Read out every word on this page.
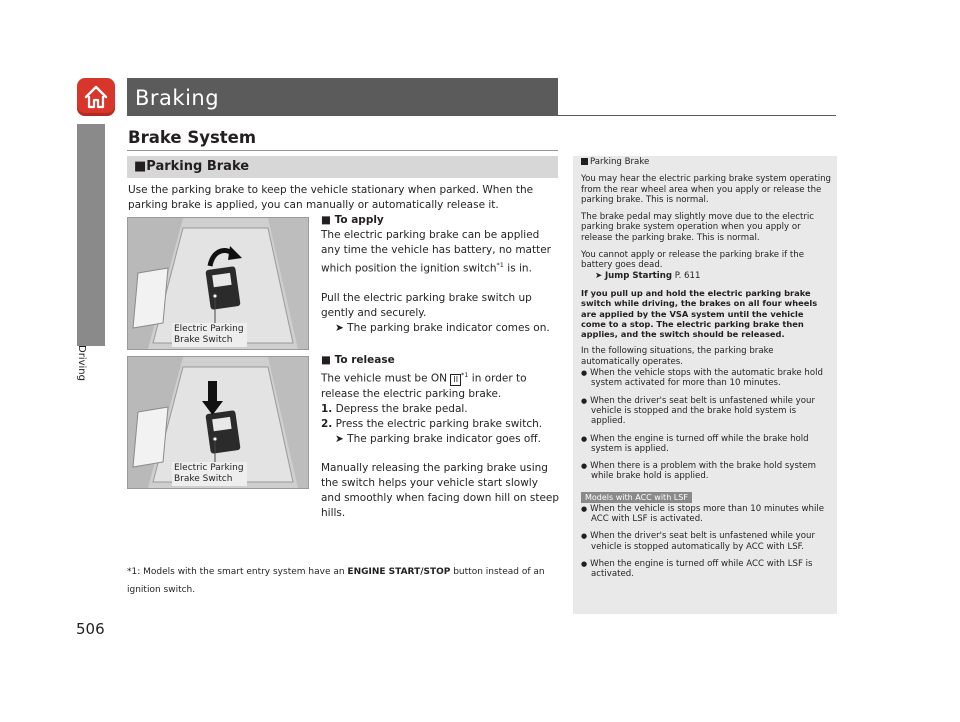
Braking
Driving
506
Brake System
■Parking Brake
Use the parking brake to keep the vehicle stationary when parked. When the parking brake is applied, you can manually or automatically release it.
■ To apply
The electric parking brake can be applied any time the vehicle has battery, no matter which position the ignition switch$^{*1}$ is in.
Pull the electric parking brake switch up gently and securely.
➤ The parking brake indicator comes on.
■ To release
The vehicle must be ON II $^{*1}$ in order to release the electric parking brake.
1. Depress the brake pedal.
2. Press the electric parking brake switch.
➤ The parking brake indicator goes off.
Manually releasing the parking brake using the switch helps your vehicle start slowly and smoothly when facing down hill on steep hills.
Electric Parking
Brake Switch
Electric Parking
Brake Switch
*1: Models with the smart entry system have an ENGINE START/STOP button instead of an ignition switch.

Parking Brake

You may hear the electric parking brake system operating from the rear wheel area when you apply or release the parking brake. This is normal.

The brake pedal may slightly move due to the electric parking brake system operation when you apply or release the parking brake. This is normal.

You cannot apply or release the parking brake if the battery goes dead.
➤ Jump Starting P. 611

If you pull up and hold the electric parking brake switch while driving, the brakes on all four wheels are applied by the VSA system until the vehicle come to a stop. The electric parking brake then applies, and the switch should be released.

In the following situations, the parking brake automatically operates.

● When the vehicle stops with the automatic brake hold system activated for more than 10 minutes.

● When the driver's seat belt is unfastened while your vehicle is stopped and the brake hold system is applied.

● When the engine is turned off while the brake hold system is applied.

● When there is a problem with the brake hold system while brake hold is applied.

Models with ACC with LSF

● When the vehicle is stops more than 10 minutes while ACC with LSF is activated.

● When the driver's seat belt is unfastened while your vehicle is stopped automatically by ACC with LSF.

● When the engine is turned off while ACC with LSF is activated.
